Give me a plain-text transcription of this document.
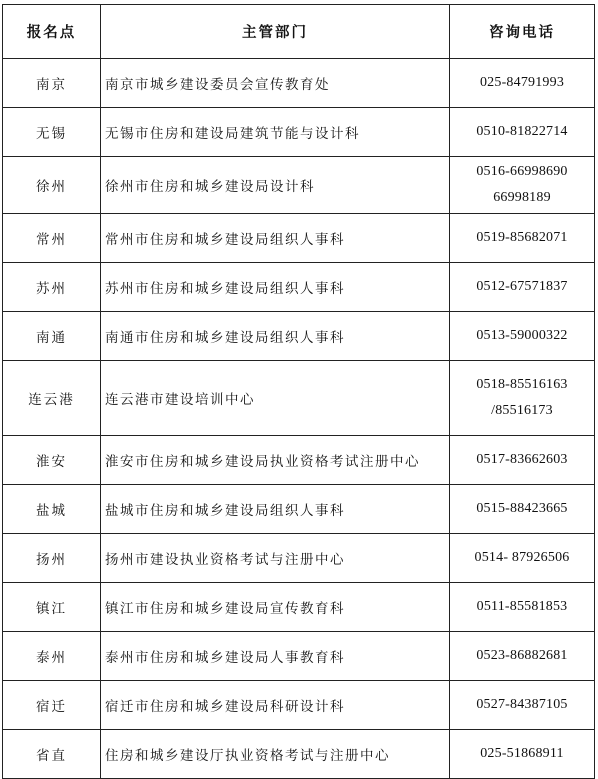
报名点	主管部门	咨询电话
南京	南京市城乡建设委员会宣传教育处	025-84791993

无锡	无锡市住房和建设局建筑节能与设计科	0510-81822714

徐州	徐州市住房和城乡建设局设计科	0516-66998690
66998189

常州	常州市住房和城乡建设局组织人事科	0519-85682071

苏州	苏州市住房和城乡建设局组织人事科	0512-67571837

南通	南通市住房和城乡建设局组织人事科	0513-59000322

连云港	连云港市建设培训中心	0518-85516163
/85516173

淮安	淮安市住房和城乡建设局执业资格考试注册中心	0517-83662603

盐城	盐城市住房和城乡建设局组织人事科	0515-88423665

扬州	扬州市建设执业资格考试与注册中心	0514- 87926506

镇江	镇江市住房和城乡建设局宣传教育科	0511-85581853

泰州	泰州市住房和城乡建设局人事教育科	0523-86882681

宿迁	宿迁市住房和城乡建设局科研设计科	0527-84387105

省直	住房和城乡建设厅执业资格考试与注册中心	025-51868911
